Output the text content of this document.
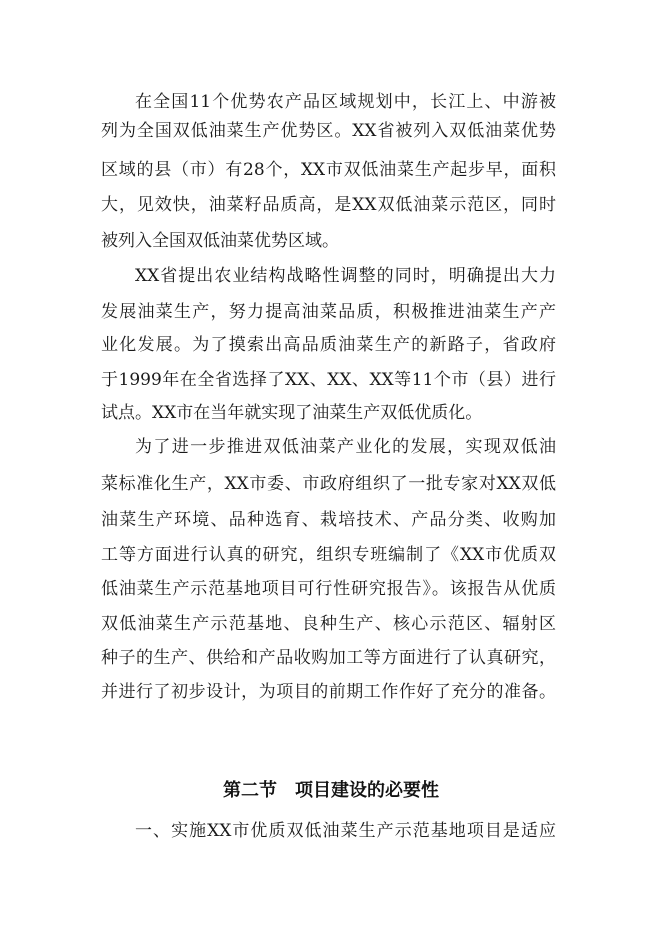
在全国11个优势农产品区域规划中，长江上、中游被
列为全国双低油菜生产优势区。XX省被列入双低油菜优势
区域的县（市）有28个，XX市双低油菜生产起步早，面积
大，见效快，油菜籽品质高，是XX双低油菜示范区，同时
被列入全国双低油菜优势区域。
XX省提出农业结构战略性调整的同时，明确提出大力
发展油菜生产，努力提高油菜品质，积极推进油菜生产产
业化发展。为了摸索出高品质油菜生产的新路子，省政府
于1999年在全省选择了XX、XX、XX等11个市（县）进行
试点。XX市在当年就实现了油菜生产双低优质化。
为了进一步推进双低油菜产业化的发展，实现双低油
菜标准化生产，XX市委、市政府组织了一批专家对XX双低
油菜生产环境、品种选育、栽培技术、产品分类、收购加
工等方面进行认真的研究，组织专班编制了《XX市优质双
低油菜生产示范基地项目可行性研究报告》。该报告从优质
双低油菜生产示范基地、良种生产、核心示范区、辐射区
种子的生产、供给和产品收购加工等方面进行了认真研究，
并进行了初步设计，为项目的前期工作作好了充分的准备。
第二节　项目建设的必要性
一、实施XX市优质双低油菜生产示范基地项目是适应
